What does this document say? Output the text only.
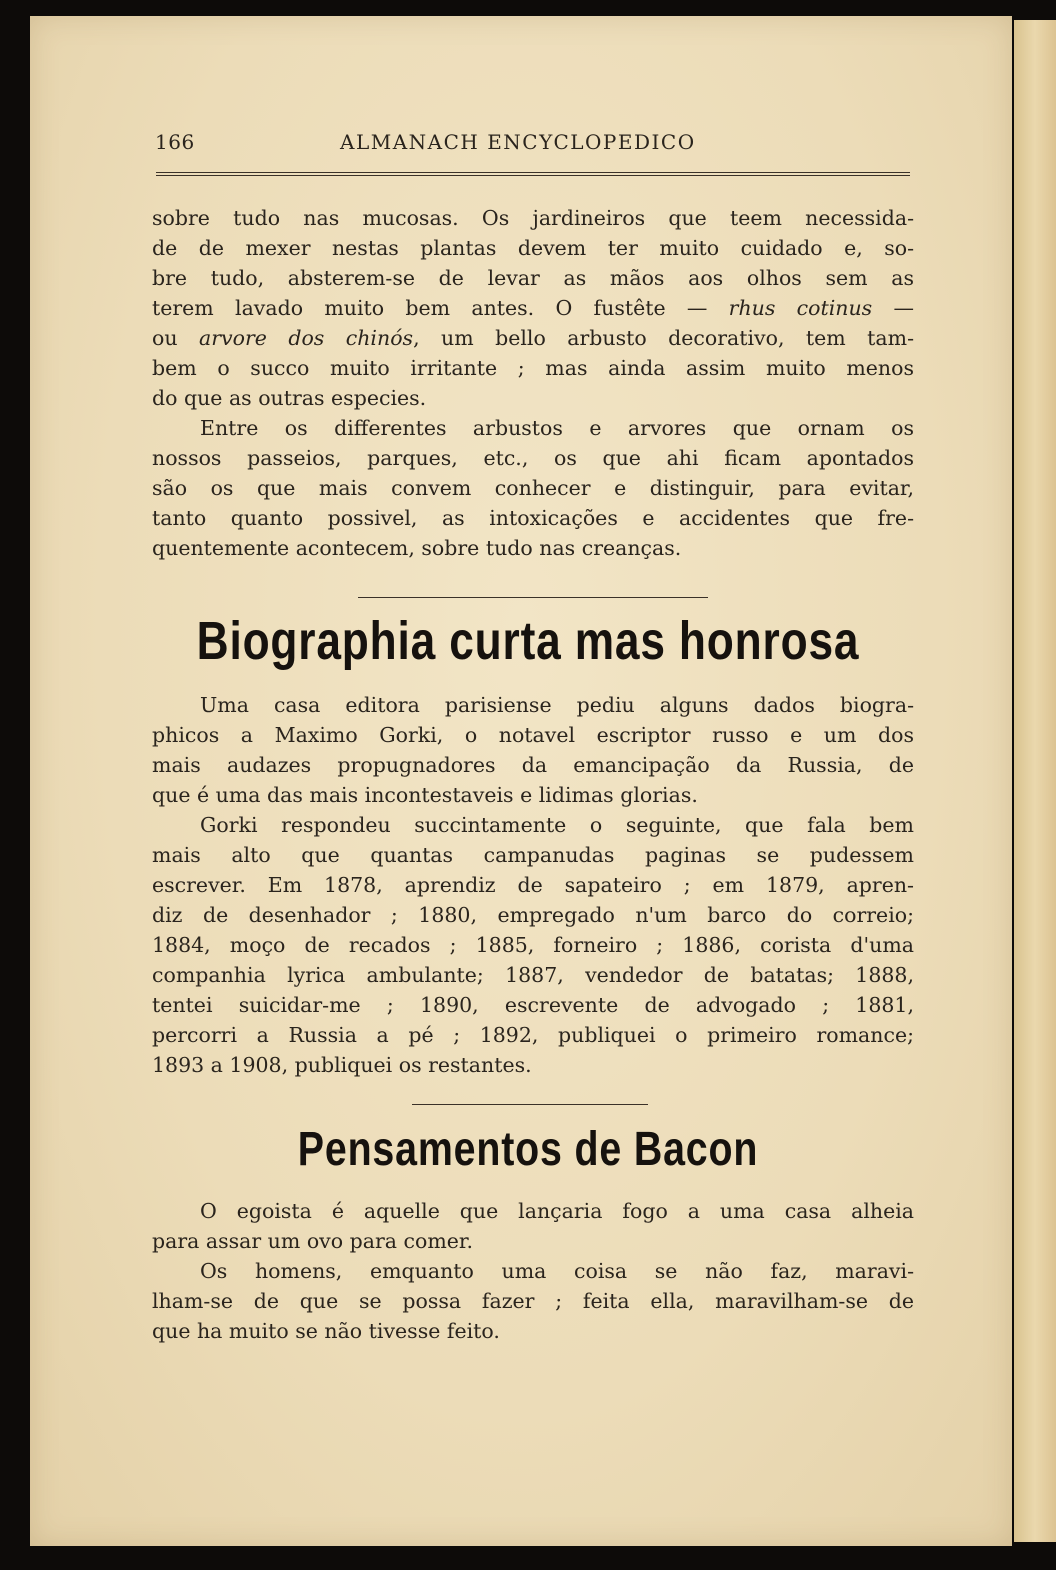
166	ALMANACH ENCYCLOPEDICO
sobre tudo nas mucosas. Os jardineiros que teem necessida-
de de mexer nestas plantas devem ter muito cuidado e, so-
bre tudo, absterem-se de levar as mãos aos olhos sem as
terem lavado muito bem antes. O fustête — rhus cotinus —
ou arvore dos chinós, um bello arbusto decorativo, tem tam-
bem o succo muito irritante ; mas ainda assim muito menos
do que as outras especies.
Entre os differentes arbustos e arvores que ornam os
nossos passeios, parques, etc., os que ahi ficam apontados
são os que mais convem conhecer e distinguir, para evitar,
tanto quanto possivel, as intoxicações e accidentes que fre-
quentemente acontecem, sobre tudo nas creanças.
Biographia curta mas honrosa
Uma casa editora parisiense pediu alguns dados biogra-
phicos a Maximo Gorki, o notavel escriptor russo e um dos
mais audazes propugnadores da emancipação da Russia, de
que é uma das mais incontestaveis e lidimas glorias.
Gorki respondeu succintamente o seguinte, que fala bem
mais alto que quantas campanudas paginas se pudessem
escrever. Em 1878, aprendiz de sapateiro ; em 1879, apren-
diz de desenhador ; 1880, empregado n'um barco do correio;
1884, moço de recados ; 1885, forneiro ; 1886, corista d'uma
companhia lyrica ambulante; 1887, vendedor de batatas; 1888,
tentei suicidar-me ; 1890, escrevente de advogado ; 1881,
percorri a Russia a pé ; 1892, publiquei o primeiro romance;
1893 a 1908, publiquei os restantes.
Pensamentos de Bacon
O egoista é aquelle que lançaria fogo a uma casa alheia
para assar um ovo para comer.
Os homens, emquanto uma coisa se não faz, maravi-
lham-se de que se possa fazer ; feita ella, maravilham-se de
que ha muito se não tivesse feito.
